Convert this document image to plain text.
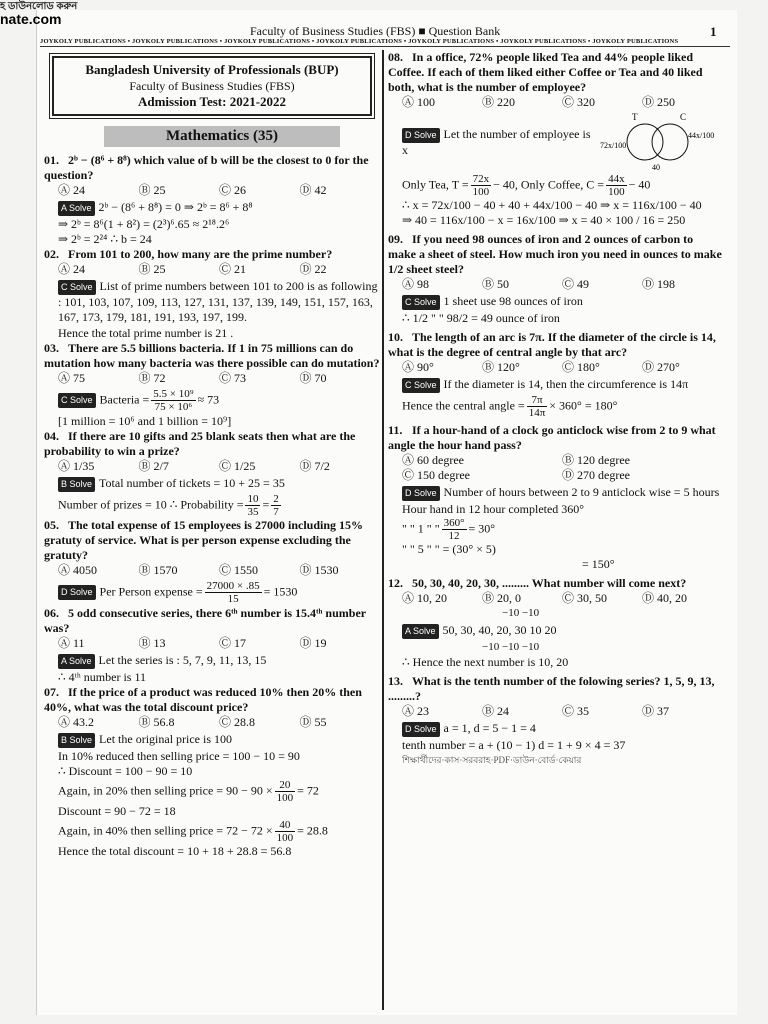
হ ডাউনলোড করুন
nate.com
Faculty of Business Studies (FBS) ■ Question Bank	1
JOYKOLY PUBLICATIONS • JOYKOLY PUBLICATIONS • JOYKOLY PUBLICATIONS • JOYKOLY PUBLICATIONS • JOYKOLY PUBLICATIONS • JOYKOLY PUBLICATIONS • JOYKOLY PUBLICATIONS
Bangladesh University of Professionals (BUP)
Faculty of Business Studies (FBS)
Admission Test: 2021-2022
Mathematics (35)

01. 2ᵇ − (8⁶ + 8⁸) which value of b will be the closest to 0 for the question?

Ⓐ 24	Ⓑ 25	Ⓒ 26	Ⓓ 42
A Solve 2ᵇ − (8⁶ + 8⁸) = 0 ⇒ 2ᵇ = 8⁶ + 8⁸
⇒ 2ᵇ = 8⁶(1 + 8²) = (2³)⁶.65 ≈ 2¹⁸.2⁶
⇒ 2ᵇ = 2²⁴ ∴ b = 24

02. From 101 to 200, how many are the prime number?

Ⓐ 24	Ⓑ 25	Ⓒ 21	Ⓓ 22
C Solve List of prime numbers between 101 to 200 is as following : 101, 103, 107, 109, 113, 127, 131, 137, 139, 149, 151, 157, 163, 167, 173, 179, 181, 191, 193, 197, 199.
Hence the total prime number is 21 .

03. There are 5.5 billions bacteria. If 1 in 75 millions can do mutation how many bacteria was there possible can do mutation?

Ⓐ 75	Ⓑ 72	Ⓒ 73	Ⓓ 70
C Solve Bacteria = $\frac{\text{5.5 × 10⁹}}{\text{75 × 10⁶}} \approx 73$
[1 million = 10⁶ and 1 billion = 10⁹]

04. If there are 10 gifts and 25 blank seats then what are the probability to win a prize?

Ⓐ 1/35	Ⓑ 2/7	Ⓒ 1/25	Ⓓ 7/2
B Solve Total number of tickets = 10 + 25 = 35
Number of prizes = 10 ∴ Probability = $\frac{10}{35} = \frac{2}{7}$

05. The total expense of 15 employees is 27000 including 15% gratuty of service. What is per person expense excluding the gratuty?

Ⓐ 4050	Ⓑ 1570	Ⓒ 1550	Ⓓ 1530
D Solve Per Person expense = $\frac{27000 \times .85}{15} = 1530$

06. 5 odd consecutive series, there 6ᵗʰ number is 15.4ᵗʰ number was?

Ⓐ 11	Ⓑ 13	Ⓒ 17	Ⓓ 19
A Solve Let the series is : 5, 7, 9, 11, 13, 15
∴ 4ᵗʰ number is 11

07. If the price of a product was reduced 10% then 20% then 40%, what was the total discount price?

Ⓐ 43.2	Ⓑ 56.8	Ⓒ 28.8	Ⓓ 55
B Solve Let the original price is 100
In 10% reduced then selling price = 100 − 10 = 90
∴ Discount = 100 − 90 = 10
Again, in 20% then selling price = $90 - 90 \times \frac{20}{100} = 72$
Discount = 90 − 72 = 18
Again, in 40% then selling price = $72 - 72 \times \frac{40}{100} = 28.8$
Hence the total discount = 10 + 18 + 28.8 = 56.8

08. In a office, 72% people liked Tea and 44% people liked Coffee. If each of them liked either Coffee or Tea and 40 liked both, what is the number of employee?

Ⓐ 100	Ⓑ 220	Ⓒ 320	Ⓓ 250
D Solve Let the number of employee is x
T	C
72x/100
44x/100
40
Only Tea, $T = \frac{72x}{100} - 40$, Only Coffee, $C = \frac{44x}{100} - 40$
∴ x = 72x/100 − 40 + 40 + 44x/100 − 40 ⇒ x = 116x/100 − 40
⇒ 40 = 116x/100 − x = 16x/100 ⇒ x = 40 × 100 / 16 = 250

09. If you need 98 ounces of iron and 2 ounces of carbon to make a sheet of steel. How much iron you need in ounces to make 1/2 sheet steel?

Ⓐ 98	Ⓑ 50	Ⓒ 49	Ⓓ 198
C Solve 1 sheet use 98 ounces of iron
∴ 1/2 " " 98/2 = 49 ounce of iron

10. The length of an arc is 7π. If the diameter of the circle is 14, what is the degree of central angle by that arc?

Ⓐ 90°	Ⓑ 120°	Ⓒ 180°	Ⓓ 270°
C Solve If the diameter is 14, then the circumference is 14π
Hence the central angle = $\frac{7\pi}{14\pi} \times 360^\circ = 180^\circ$

11. If a hour-hand of a clock go anticlock wise from 2 to 9 what angle the hour hand pass?

Ⓐ 60 degree	Ⓑ 120 degree
Ⓒ 150 degree	Ⓓ 270 degree
D Solve Number of hours between 2 to 9 anticlock wise = 5 hours
Hour hand in 12 hour completed 360°
" " 1 " " $\frac{360^\circ}{12} = 30^\circ$
" " 5 " " = (30° × 5)
= 150°

12. 50, 30, 40, 20, 30, ......... What number will come next?

Ⓐ 10, 20	Ⓑ 20, 0	Ⓒ 30, 50	Ⓓ 40, 20
−10 −10
A Solve 50, 30, 40, 20, 30 10 20
−10 −10 −10
∴ Hence the next number is 10, 20

13. What is the tenth number of the folowing series? 1, 5, 9, 13, .........?

Ⓐ 23	Ⓑ 24	Ⓒ 35	Ⓓ 37
D Solve a = 1, d = 5 − 1 = 4
tenth number = a + (10 − 1) d = 1 + 9 × 4 = 37
শিক্ষার্থীদের·কাস·সরবরাহ·PDF·ডাউন·বোর্ড·কেয়ার
